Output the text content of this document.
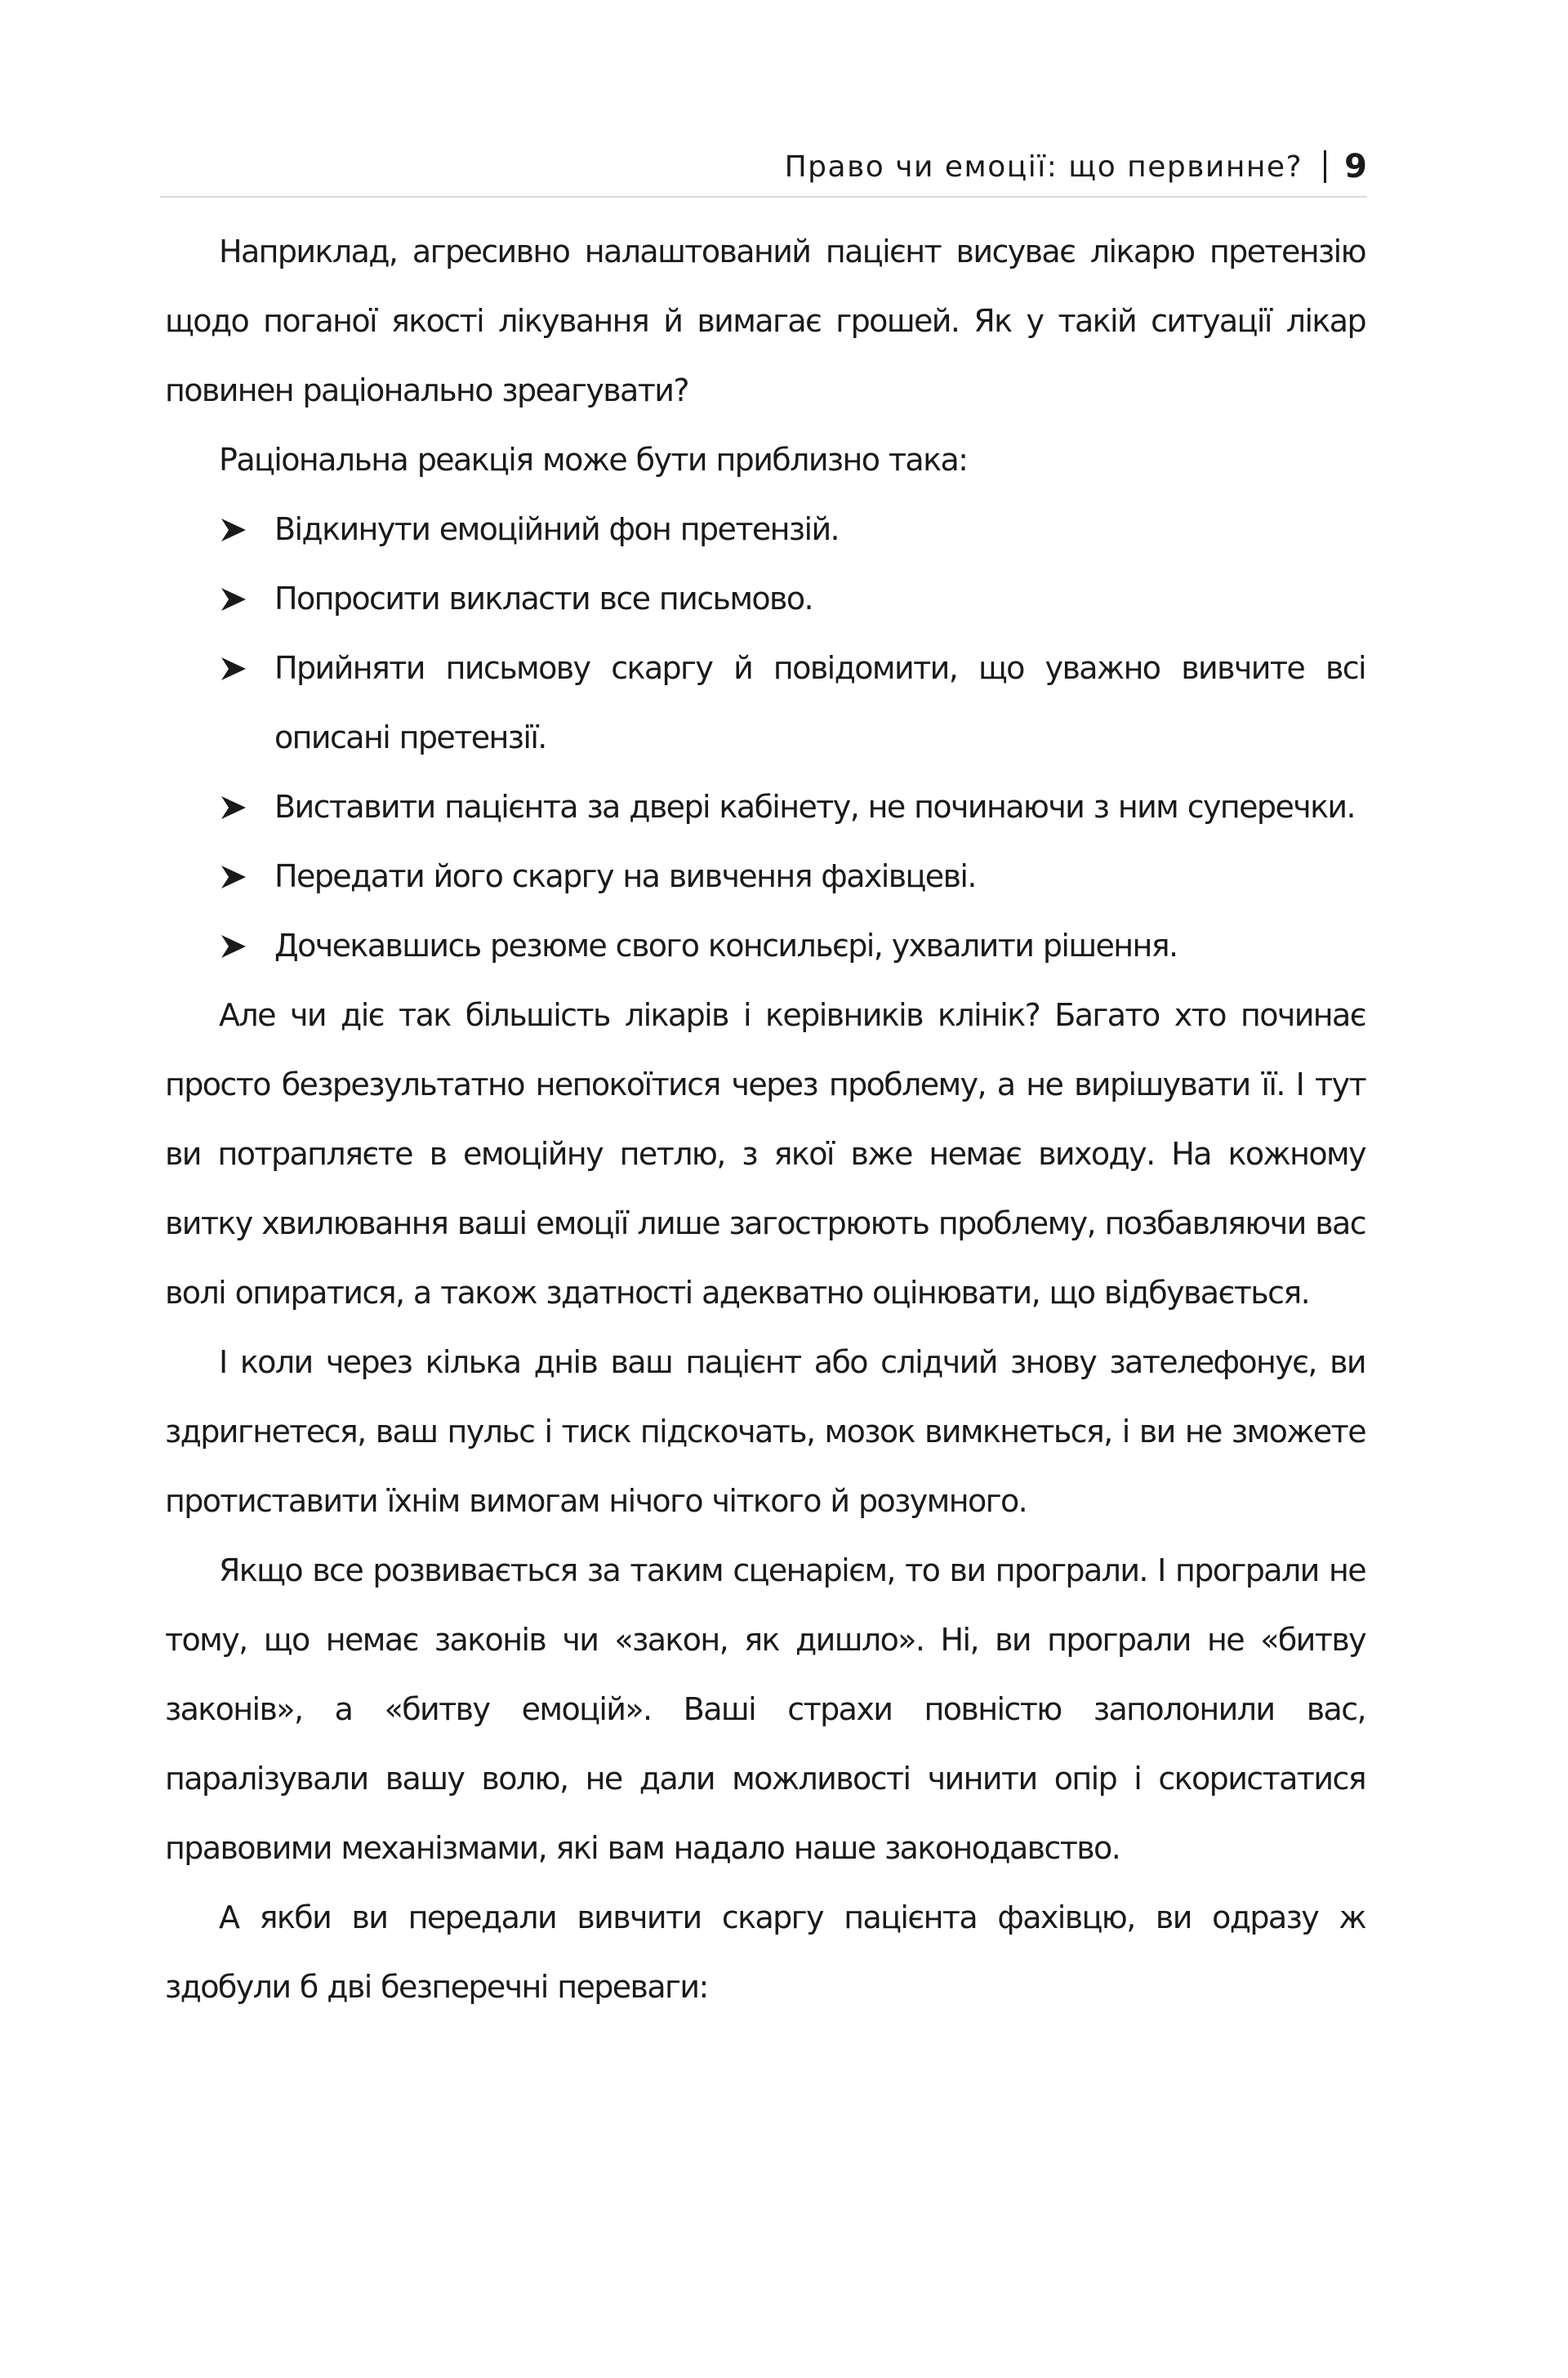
Право чи емоції: що первинне? 9

Наприклад, агресивно налаштований пацієнт висуває лікарю претензію щодо поганої якості лікування й вимагає грошей. Як у такій ситуації лікар повинен раціонально зреагувати?

Раціональна реакція може бути приблизно така:

Відкинути емоційний фон претензій.
Попросити викласти все письмово.
Прийняти письмову скаргу й повідомити, що уважно вивчите всі описані претензії.
Виставити пацієнта за двері кабінету, не починаючи з ним суперечки.
Передати його скаргу на вивчення фахівцеві.
Дочекавшись резюме свого консильєрі, ухвалити рішення.

Але чи діє так більшість лікарів і керівників клінік? Багато хто починає просто безрезультатно непокоїтися через проблему, а не вирішувати її. І тут ви потрапляєте в емоційну петлю, з якої вже немає виходу. На кожному витку хвилювання ваші емоції лише загострюють проблему, позбавляючи вас волі опиратися, а також здатності адекватно оцінювати, що відбувається.

І коли через кілька днів ваш пацієнт або слідчий знову зателефонує, ви здригнетеся, ваш пульс і тиск підскочать, мозок вимкнеться, і ви не зможете протиставити їхнім вимогам нічого чіткого й розумного.

Якщо все розвивається за таким сценарієм, то ви програли. І програли не тому, що немає законів чи «закон, як дишло». Ні, ви програли не «битву законів», а «битву емоцій». Ваші страхи повністю заполонили вас, паралізували вашу волю, не дали можливості чинити опір і скористатися правовими механізмами, які вам надало наше законодавство.

А якби ви передали вивчити скаргу пацієнта фахівцю, ви одразу ж здобули б дві безперечні переваги:
